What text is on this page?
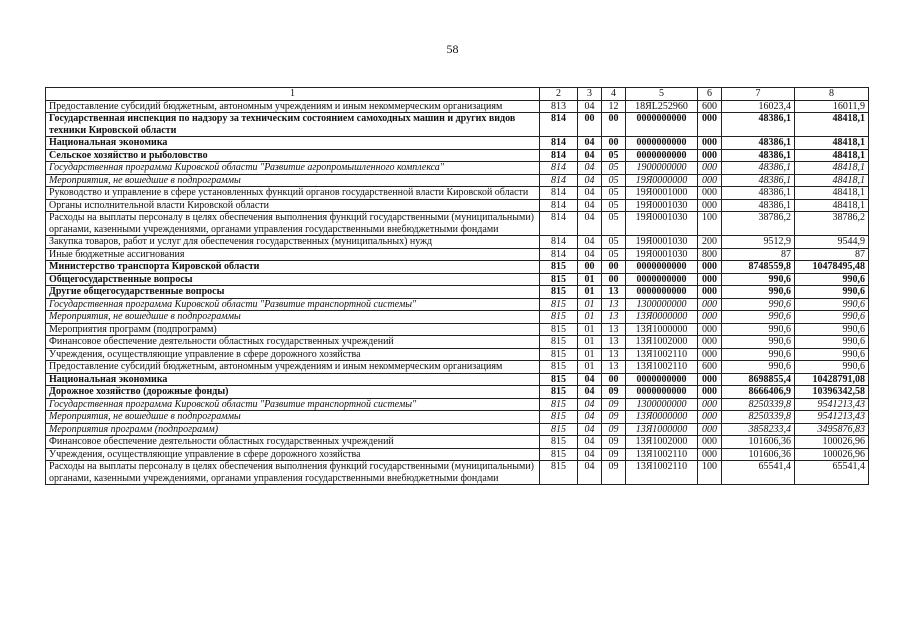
58
1	2	3	4	5	6	7	8
Предоставление субсидий бюджетным, автономным учреждениям и иным некоммерческим организациям	813	04	12	18ЯL252960	600	16023,4	16011,9
Государственная инспекция по надзору за техническим состоянием самоходных машин и других видов техники Кировской области	814	00	00	0000000000	000	48386,1	48418,1
Национальная экономика	814	04	00	0000000000	000	48386,1	48418,1
Сельское хозяйство и рыболовство	814	04	05	0000000000	000	48386,1	48418,1
Государственная программа Кировской области "Развитие агропромышленного комплекса"	814	04	05	1900000000	000	48386,1	48418,1
Мероприятия, не вошедшие в подпрограммы	814	04	05	19Я0000000	000	48386,1	48418,1
Руководство и управление в сфере установленных функций органов государственной власти Кировской области	814	04	05	19Я0001000	000	48386,1	48418,1
Органы исполнительной власти Кировской области	814	04	05	19Я0001030	000	48386,1	48418,1
Расходы на выплаты персоналу в целях обеспечения выполнения функций государственными (муниципальными) органами, казенными учреждениями, органами управления государственными внебюджетными фондами	814	04	05	19Я0001030	100	38786,2	38786,2
Закупка товаров, работ и услуг для обеспечения государственных (муниципальных) нужд	814	04	05	19Я0001030	200	9512,9	9544,9
Иные бюджетные ассигнования	814	04	05	19Я0001030	800	87	87
Министерство транспорта Кировской области	815	00	00	0000000000	000	8748559,8	10478495,48
Общегосударственные вопросы	815	01	00	0000000000	000	990,6	990,6
Другие общегосударственные вопросы	815	01	13	0000000000	000	990,6	990,6
Государственная программа Кировской области "Развитие транспортной системы"	815	01	13	1300000000	000	990,6	990,6
Мероприятия, не вошедшие в подпрограммы	815	01	13	13Я0000000	000	990,6	990,6
Мероприятия программ (подпрограмм)	815	01	13	13Я1000000	000	990,6	990,6
Финансовое обеспечение деятельности областных государственных учреждений	815	01	13	13Я1002000	000	990,6	990,6
Учреждения, осуществляющие управление в сфере дорожного хозяйства	815	01	13	13Я1002110	000	990,6	990,6
Предоставление субсидий бюджетным, автономным учреждениям и иным некоммерческим организациям	815	01	13	13Я1002110	600	990,6	990,6
Национальная экономика	815	04	00	0000000000	000	8698855,4	10428791,08
Дорожное хозяйство (дорожные фонды)	815	04	09	0000000000	000	8666406,9	10396342,58
Государственная программа Кировской области "Развитие транспортной системы"	815	04	09	1300000000	000	8250339,8	9541213,43
Мероприятия, не вошедшие в подпрограммы	815	04	09	13Я0000000	000	8250339,8	9541213,43
Мероприятия программ (подпрограмм)	815	04	09	13Я1000000	000	3858233,4	3495876,83
Финансовое обеспечение деятельности областных государственных учреждений	815	04	09	13Я1002000	000	101606,36	100026,96
Учреждения, осуществляющие управление в сфере дорожного хозяйства	815	04	09	13Я1002110	000	101606,36	100026,96
Расходы на выплаты персоналу в целях обеспечения выполнения функций государственными (муниципальными) органами, казенными учреждениями, органами управления государственными внебюджетными фондами	815	04	09	13Я1002110	100	65541,4	65541,4
